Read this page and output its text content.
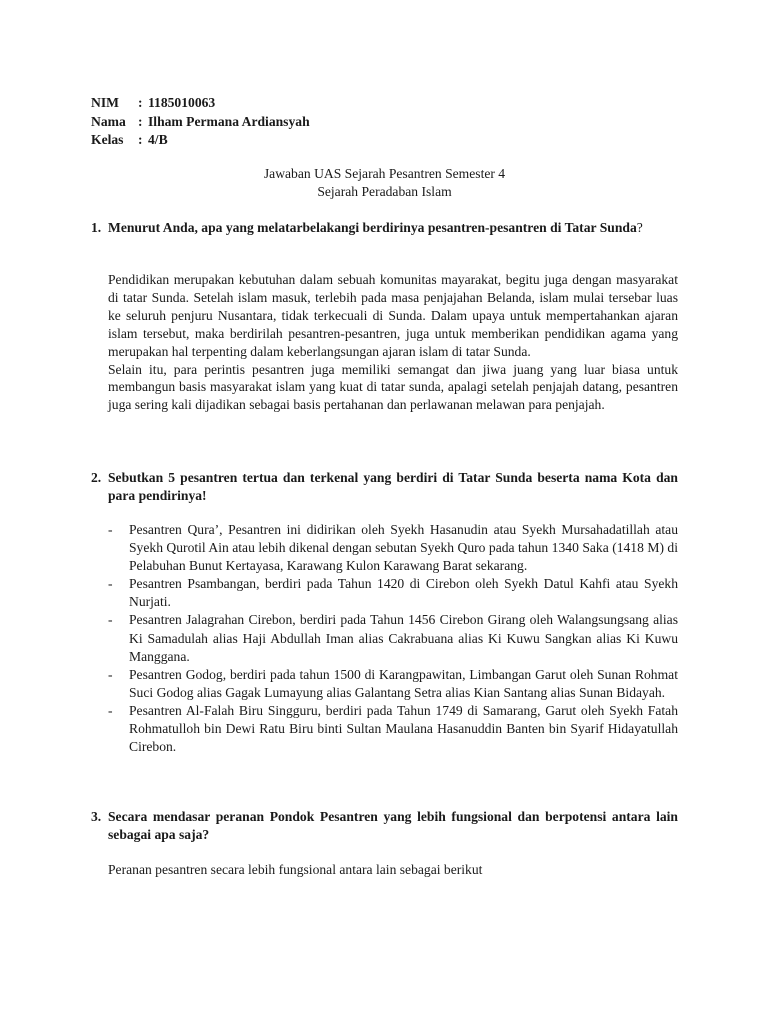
NIM	: 1185010063
Nama : Ilham Permana Ardiansyah
Kelas	: 4/B
Jawaban UAS Sejarah Pesantren Semester 4
Sejarah Peradaban Islam
1. Menurut Anda, apa yang melatarbelakangi berdirinya pesantren-pesantren di Tatar Sunda?

Pendidikan merupakan kebutuhan dalam sebuah komunitas mayarakat, begitu juga dengan masyarakat di tatar Sunda. Setelah islam masuk, terlebih pada masa penjajahan Belanda, islam mulai tersebar luas ke seluruh penjuru Nusantara, tidak terkecuali di Sunda. Dalam upaya untuk mempertahankan ajaran islam tersebut, maka berdirilah pesantren-pesantren, juga untuk memberikan pendidikan agama yang merupakan hal terpenting dalam keberlangsungan ajaran islam di tatar Sunda.

Selain itu, para perintis pesantren juga memiliki semangat dan jiwa juang yang luar biasa untuk membangun basis masyarakat islam yang kuat di tatar sunda, apalagi setelah penjajah datang, pesantren juga sering kali dijadikan sebagai basis pertahanan dan perlawanan melawan para penjajah.

2. Sebutkan 5 pesantren tertua dan terkenal yang berdiri di Tatar Sunda beserta nama Kota dan para pendirinya!
-	Pesantren Qura’, Pesantren ini didirikan oleh Syekh Hasanudin atau Syekh Mursahadatillah atau Syekh Qurotil Ain atau lebih dikenal dengan sebutan Syekh Quro pada tahun 1340 Saka (1418 M) di Pelabuhan Bunut Kertayasa, Karawang Kulon Karawang Barat sekarang.
-	Pesantren Psambangan, berdiri pada Tahun 1420 di Cirebon oleh Syekh Datul Kahfi atau Syekh Nurjati.
-	Pesantren Jalagrahan Cirebon, berdiri pada Tahun 1456 Cirebon Girang oleh Walangsungsang alias Ki Samadulah alias Haji Abdullah Iman alias Cakrabuana alias Ki Kuwu Sangkan alias Ki Kuwu Manggana.
-	Pesantren Godog, berdiri pada tahun 1500 di Karangpawitan, Limbangan Garut oleh Sunan Rohmat Suci Godog alias Gagak Lumayung alias Galantang Setra alias Kian Santang alias Sunan Bidayah.
-	Pesantren Al-Falah Biru Singguru, berdiri pada Tahun 1749 di Samarang, Garut oleh Syekh Fatah Rohmatulloh bin Dewi Ratu Biru binti Sultan Maulana Hasanuddin Banten bin Syarif Hidayatullah Cirebon.
3. Secara mendasar peranan Pondok Pesantren yang lebih fungsional dan berpotensi antara lain sebagai apa saja?

Peranan pesantren secara lebih fungsional antara lain sebagai berikut
